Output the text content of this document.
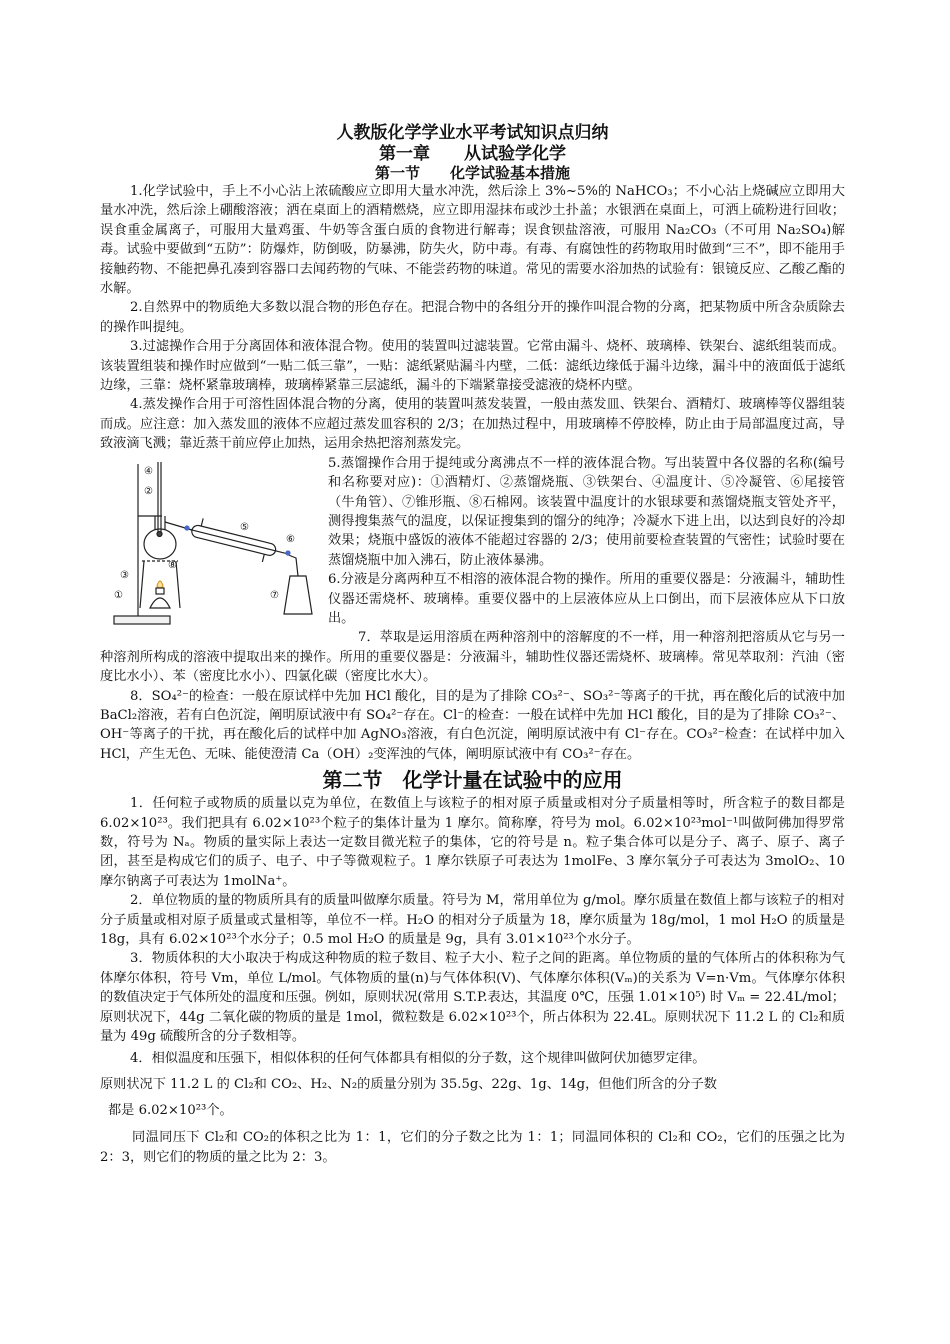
人教版化学学业水平考试知识点归纳
第一章　　从试验学化学
第一节　　化学试验基本措施

1.化学试验中，手上不小心沾上浓硫酸应立即用大量水冲洗，然后涂上 3%~5%的 NaHCO₃；不小心沾上烧碱应立即用大量水冲洗，然后涂上硼酸溶液；洒在桌面上的酒精燃烧，应立即用湿抹布或沙土扑盖；水银洒在桌面上，可洒上硫粉进行回收；误食重金属离子，可服用大量鸡蛋、牛奶等含蛋白质的食物进行解毒；误食钡盐溶液，可服用 Na₂CO₃（不可用 Na₂SO₄)解毒。试验中要做到“五防”：防爆炸，防倒吸，防暴沸，防失火，防中毒。有毒、有腐蚀性的药物取用时做到“三不”，即不能用手接触药物、不能把鼻孔凑到容器口去闻药物的气味、不能尝药物的味道。常见的需要水浴加热的试验有：银镜反应、乙酸乙酯的水解。

2.自然界中的物质绝大多数以混合物的形色存在。把混合物中的各组分开的操作叫混合物的分离，把某物质中所含杂质除去的操作叫提纯。

3.过滤操作合用于分离固体和液体混合物。使用的装置叫过滤装置。它常由漏斗、烧杯、玻璃棒、铁架台、滤纸组装而成。该装置组装和操作时应做到“一贴二低三靠”，一贴：滤纸紧贴漏斗内壁，二低：滤纸边缘低于漏斗边缘，漏斗中的液面低于滤纸边缘，三靠：烧杯紧靠玻璃棒，玻璃棒紧靠三层滤纸，漏斗的下端紧靠接受滤液的烧杯内壁。

4.蒸发操作合用于可溶性固体混合物的分离，使用的装置叫蒸发装置，一般由蒸发皿、铁架台、酒精灯、玻璃棒等仪器组装而成。应注意：加入蒸发皿的液体不应超过蒸发皿容积的 2/3；在加热过程中，用玻璃棒不停胶棒，防止由于局部温度过高，导致液滴飞溅；靠近蒸干前应停止加热，运用余热把溶剂蒸发完。

④
②
⑧
③
①
⑤
⑥
⑦

5.蒸馏操作合用于提纯或分离沸点不一样的液体混合物。写出装置中各仪器的名称(编号和名称要对应)：①酒精灯、②蒸馏烧瓶、③铁架台、④温度计、⑤冷凝管、⑥尾接管（牛角管）、⑦锥形瓶、⑧石棉网。该装置中温度计的水银球要和蒸馏烧瓶支管处齐平，测得搜集蒸气的温度，以保证搜集到的馏分的纯净；冷凝水下进上出，以达到良好的冷却效果；烧瓶中盛饭的液体不能超过容器的 2/3；使用前要检查装置的气密性；试验时要在蒸馏烧瓶中加入沸石，防止液体暴沸。

6.分液是分离两种互不相溶的液体混合物的操作。所用的重要仪器是：分液漏斗，辅助性仪器还需烧杯、玻璃棒。重要仪器中的上层液体应从上口倒出，而下层液体应从下口放出。

7．萃取是运用溶质在两种溶剂中的溶解度的不一样，用一种溶剂把溶质从它与另一种溶剂所构成的溶液中提取出来的操作。所用的重要仪器是：分液漏斗，辅助性仪器还需烧杯、玻璃棒。常见萃取剂：汽油（密度比水小）、苯（密度比水小）、四氯化碳（密度比水大）。

8．SO₄²⁻的检查：一般在原试样中先加 HCl 酸化，目的是为了排除 CO₃²⁻、SO₃²⁻等离子的干扰，再在酸化后的试液中加 BaCl₂溶液，若有白色沉淀，阐明原试液中有 SO₄²⁻存在。Cl⁻的检查：一般在试样中先加 HCl 酸化，目的是为了排除 CO₃²⁻、OH⁻等离子的干扰，再在酸化后的试样中加 AgNO₃溶液，有白色沉淀，阐明原试液中有 Cl⁻存在。CO₃²⁻检查：在试样中加入 HCl，产生无色、无味、能使澄清 Ca（OH）₂变浑浊的气体，阐明原试液中有 CO₃²⁻存在。

第二节　化学计量在试验中的应用

1．任何粒子或物质的质量以克为单位，在数值上与该粒子的相对原子质量或相对分子质量相等时，所含粒子的数目都是 6.02×10²³。我们把具有 6.02×10²³个粒子的集体计量为 1 摩尔。简称摩，符号为 mol。6.02×10²³mol⁻¹叫做阿佛加得罗常数，符号为 Nₐ。物质的量实际上表达一定数目微光粒子的集体，它的符号是 n。粒子集合体可以是分子、离子、原子、离子团，甚至是构成它们的质子、电子、中子等微观粒子。1 摩尔铁原子可表达为 1molFe、3 摩尔氧分子可表达为 3molO₂、10 摩尔钠离子可表达为 1molNa⁺。

2．单位物质的量的物质所具有的质量叫做摩尔质量。符号为 M，常用单位为 g/mol。摩尔质量在数值上都与该粒子的相对分子质量或相对原子质量或式量相等，单位不一样。H₂O 的相对分子质量为 18，摩尔质量为 18g/mol，1 mol H₂O 的质量是 18g，具有 6.02×10²³个水分子；0.5 mol H₂O 的质量是 9g，具有 3.01×10²³个水分子。

3．物质体积的大小取决于构成这种物质的粒子数目、粒子大小、粒子之间的距离。单位物质的量的气体所占的体积称为气体摩尔体积，符号 Vm，单位 L/mol。气体物质的量(n)与气体体积(V)、气体摩尔体积(Vₘ)的关系为 V=n·Vm。气体摩尔体积的数值决定于气体所处的温度和压强。例如，原则状况(常用 S.T.P.表达，其温度 0℃，压强 1.01×10⁵) 时 Vₘ = 22.4L/mol；原则状况下，44g 二氧化碳的物质的量是 1mol，微粒数是 6.02×10²³个，所占体积为 22.4L。原则状况下 11.2 L 的 Cl₂和质量为 49g 硫酸所含的分子数相等。

4．相似温度和压强下，相似体积的任何气体都具有相似的分子数，这个规律叫做阿伏加德罗定律。

原则状况下 11.2 L 的 Cl₂和 CO₂、H₂、N₂的质量分别为 35.5g、22g、1g、14g，但他们所含的分子数

都是 6.02×10²³个。

同温同压下 Cl₂和 CO₂的体积之比为 1：1，它们的分子数之比为 1：1；同温同体积的 Cl₂和 CO₂，它们的压强之比为 2：3，则它们的物质的量之比为 2：3。
